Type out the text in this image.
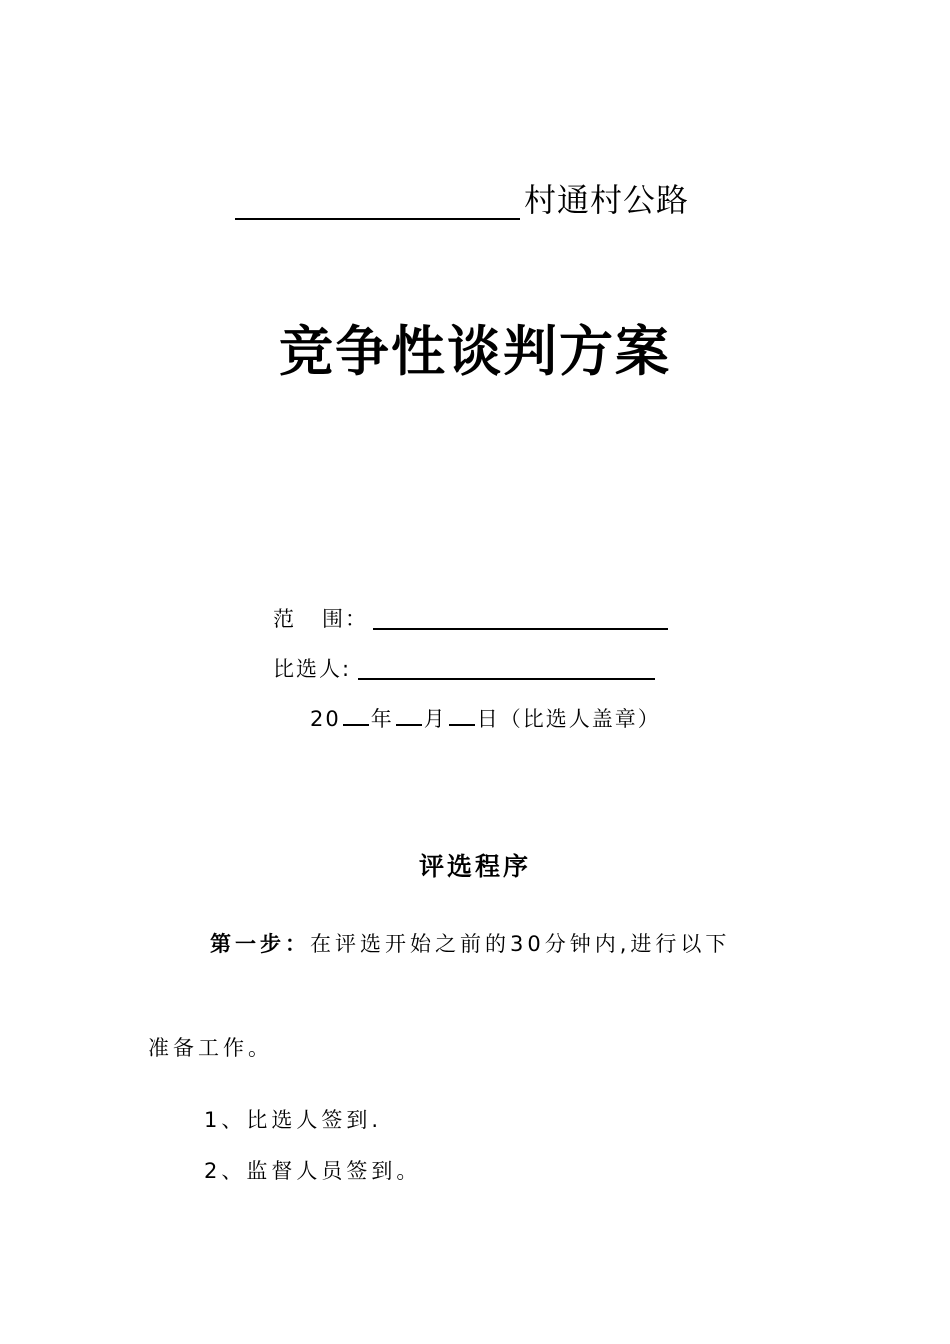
村通村公路
竞争性谈判方案
范 围：
比选人:
20 年 月 日（比选人盖章）
评选程序
第一步：在评选开始之前的30分钟内,进行以下
准备工作。
1、比选人签到.
2、监督人员签到。
